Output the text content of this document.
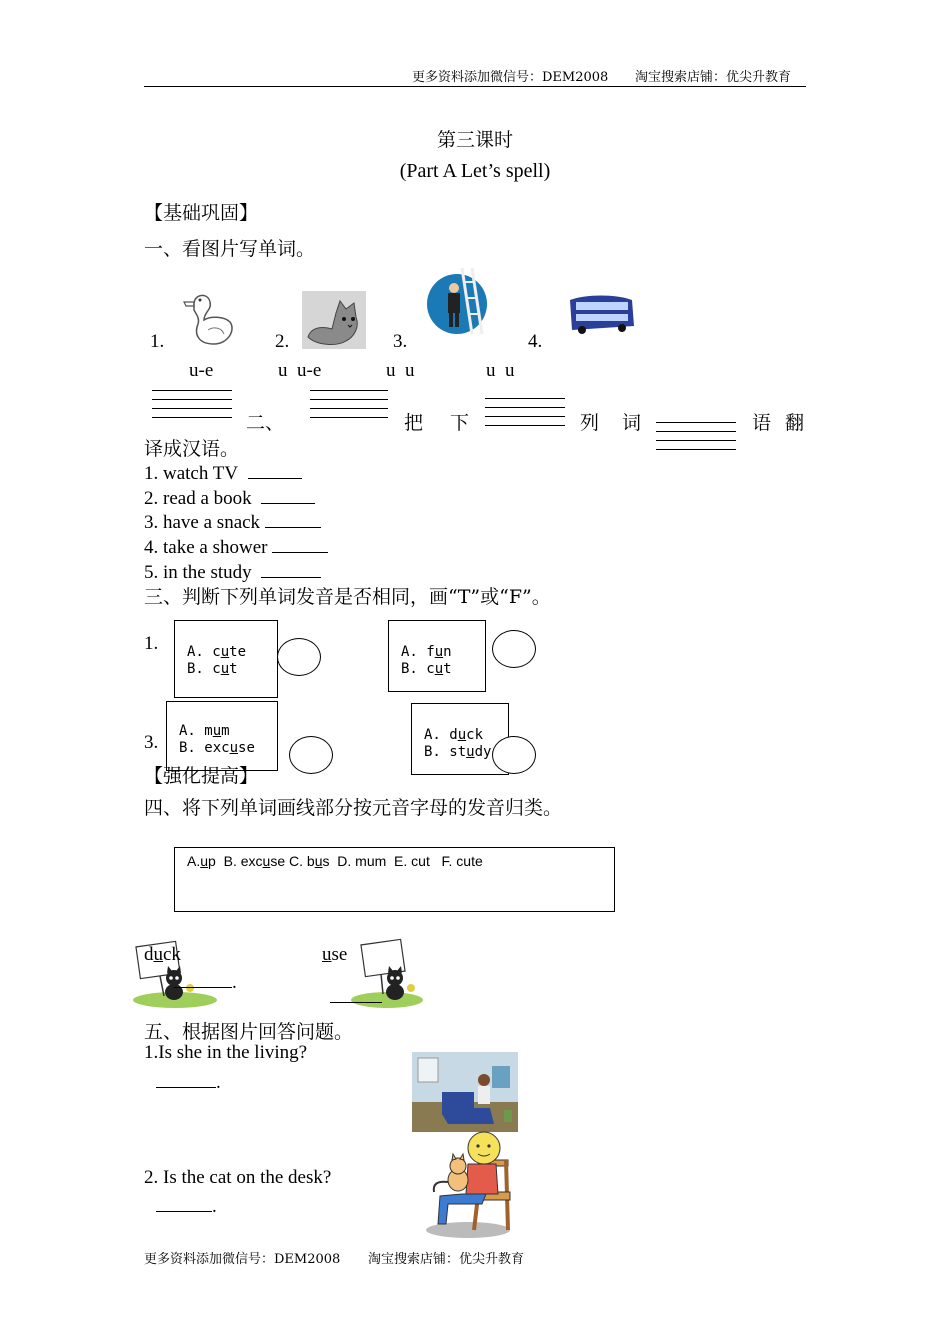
更多资料添加微信号：DEM2008 淘宝搜索店铺：优尖升教育
第三课时
(Part A Let’s spell)
【基础巩固】
一、看图片写单词。
1.	2.	3.	4.
u-e	u  u-e	u  u	u  u
二、	把 下	列 词	语 翻
译成汉语。
1. watch TV
2. read a book
3. have a snack
4. take a shower
5. in the study
三、判断下列单词发音是否相同，画“T”或“F”。
1.
3.
A. cute
B. cut
A. fun
B. cut
A. mum
B. excuse
A. duck
B. study
【强化提高】
四、将下列单词画线部分按元音字母的发音归类。
A.up B. excuse C. bus D. mum E. cut F. cute
duck
.
use
五、根据图片回答问题。
1.Is she in the living?
.
2. Is the cat on the desk?
.
更多资料添加微信号：DEM2008 淘宝搜索店铺：优尖升教育
